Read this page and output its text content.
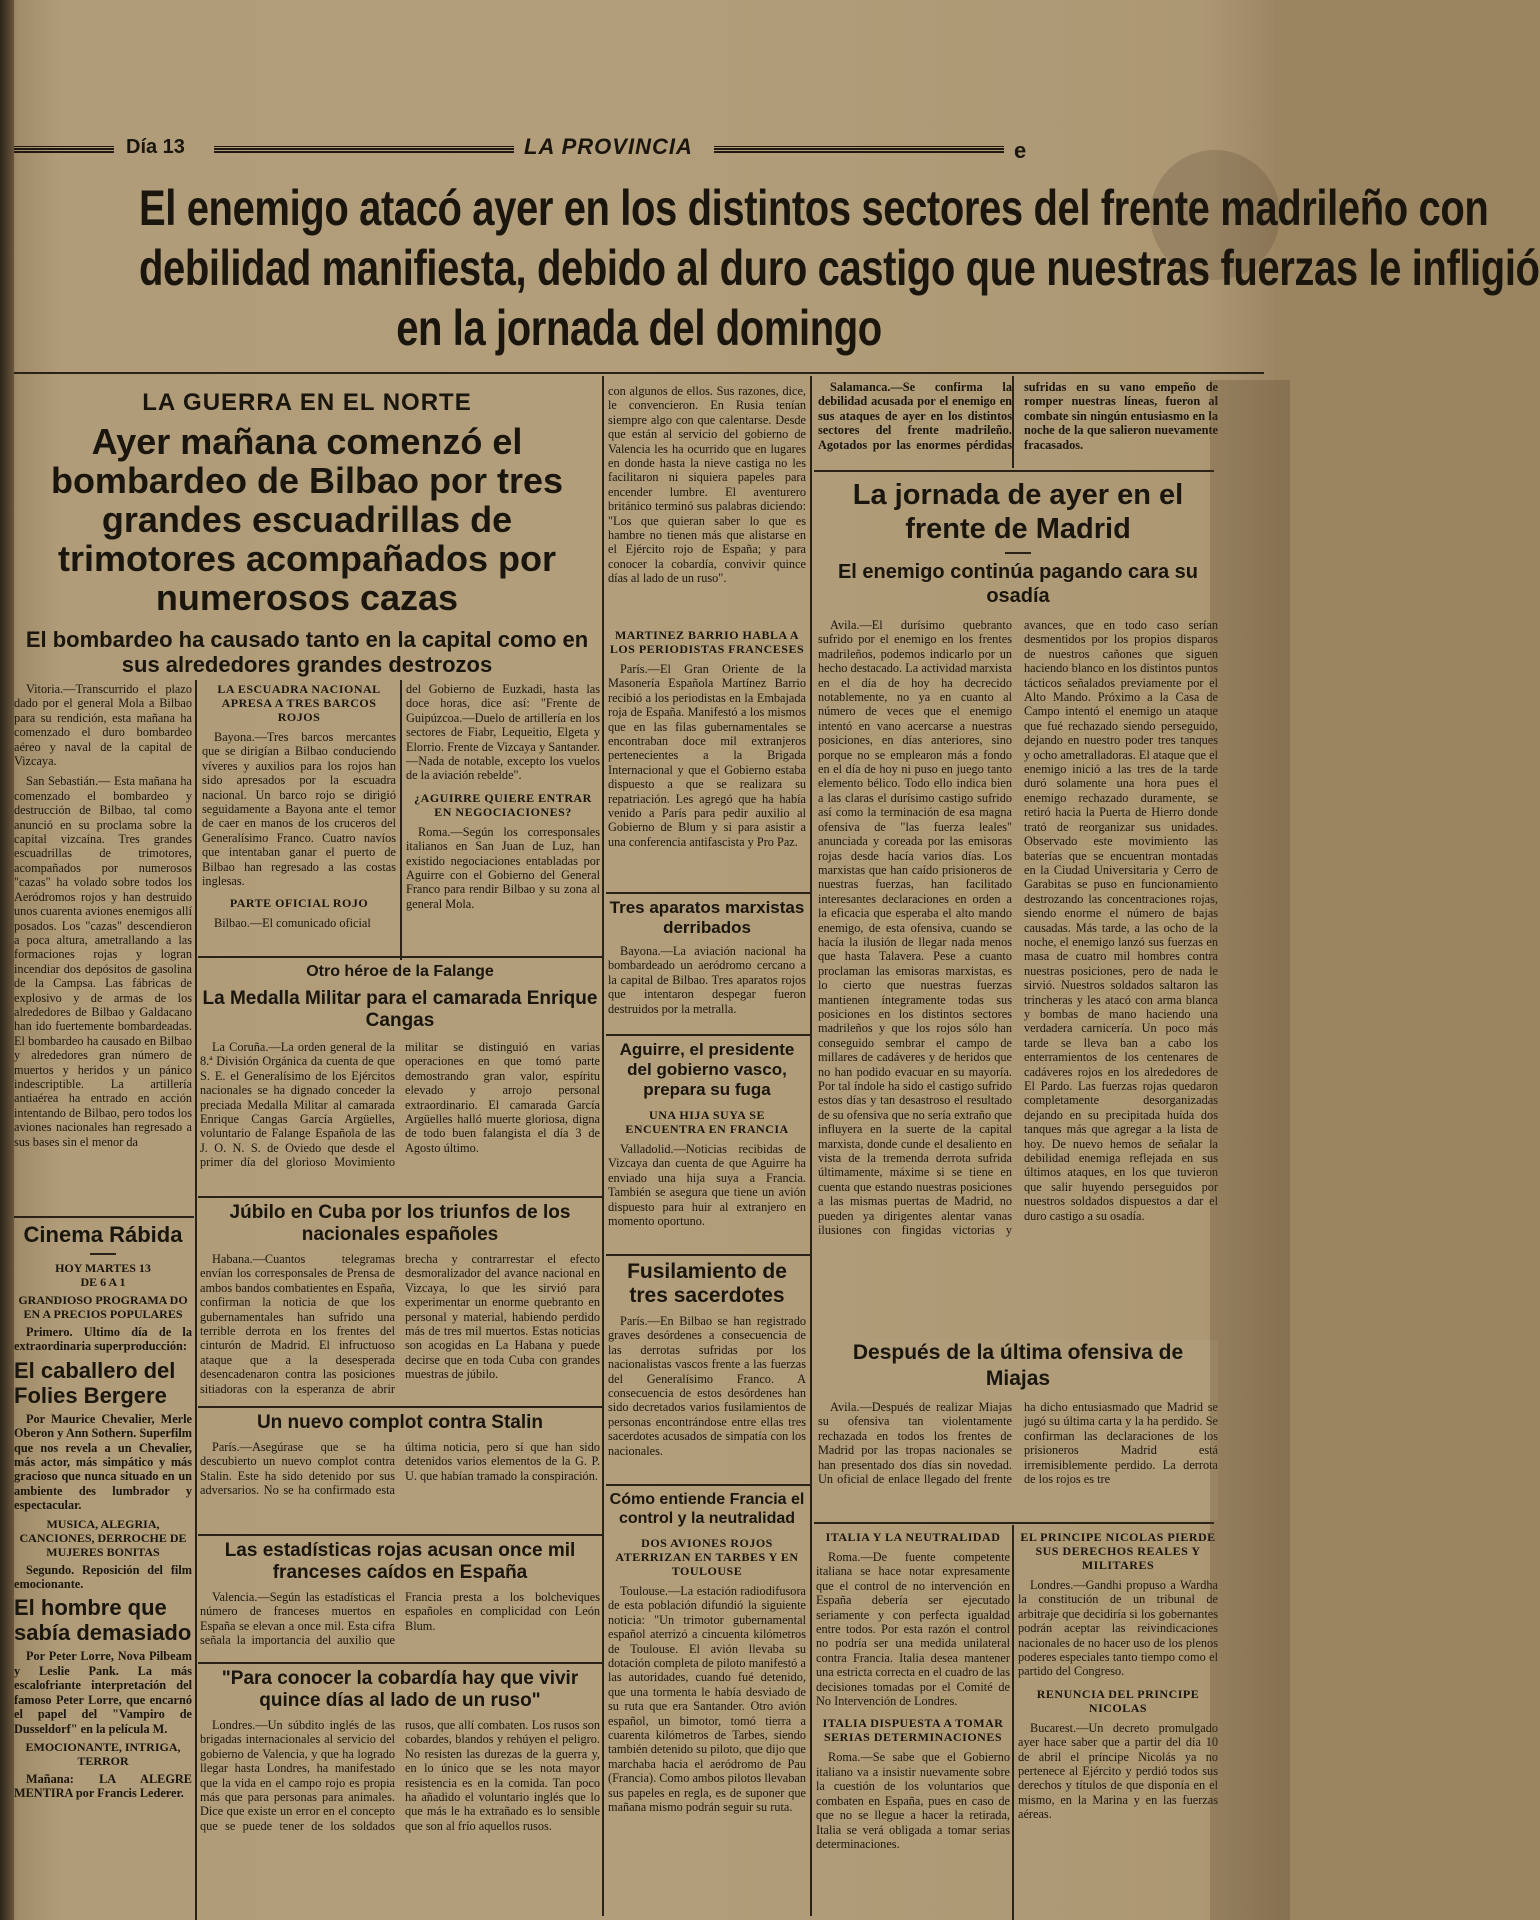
Día 13	LA PROVINCIA	e
El enemigo atacó ayer en los distintos sectores del frente madrileño con
debilidad manifiesta, debido al duro castigo que nuestras fuerzas le infligió
en la jornada del domingo

LA GUERRA EN EL NORTE

Ayer mañana comenzó el bombardeo de Bilbao por tres grandes escuadrillas de trimotores acompañados por numerosos cazas

El bombardeo ha causado tanto en la capital como en sus alrededores grandes destrozos

Vitoria.—Transcurrido el plazo dado por el general Mola a Bilbao para su rendición, esta mañana ha comenzado el duro bombardeo aéreo y naval de la capital de Vizcaya.

San Sebastián.— Esta mañana ha comenzado el bombardeo y destrucción de Bilbao, tal como anunció en su proclama sobre la capital vizcaína. Tres grandes escuadrillas de trimotores, acompañados por numerosos "cazas" ha volado sobre todos los Aeródromos rojos y han destruido unos cuarenta aviones enemigos allí posados. Los "cazas" descendieron a poca altura, ametrallando a las formaciones rojas y logran incendiar dos depósitos de gasolina de la Campsa. Las fábricas de explosivo y de armas de los alrededores de Bilbao y Galdacano han ido fuertemente bombardeadas. El bombardeo ha causado en Bilbao y alrededores gran número de muertos y heridos y un pánico indescriptible. La artillería antiaérea ha entrado en acción intentando de Bilbao, pero todos los aviones nacionales han regresado a sus bases sin el menor da

Cinema Rábida

HOY MARTES 13

DE 6 A 1

GRANDIOSO PROGRAMA DO EN A PRECIOS POPULARES

Primero. Ultimo día de la extraordinaria superproducción:

El caballero del Folies Bergere

Por Maurice Chevalier, Merle Oberon y Ann Sothern. Superfilm que nos revela a un Chevalier, más actor, más simpático y más gracioso que nunca situado en un ambiente des lumbrador y espectacular.

MUSICA, ALEGRIA, CANCIONES, DERROCHE DE MUJERES BONITAS

Segundo. Reposición del film emocionante.

El hombre que sabía demasiado

Por Peter Lorre, Nova Pilbeam y Leslie Pank. La más escalofriante interpretación del famoso Peter Lorre, que encarnó el papel del "Vampiro de Dusseldorf" en la película M.

EMOCIONANTE, INTRIGA, TERROR

Mañana: LA ALEGRE MENTIRA por Francis Lederer.

LA ESCUADRA NACIONAL APRESA A TRES BARCOS ROJOS

Bayona.—Tres barcos mercantes que se dirigían a Bilbao conduciendo víveres y auxilios para los rojos han sido apresados por la escuadra nacional. Un barco rojo se dirigió seguidamente a Bayona ante el temor de caer en manos de los cruceros del Generalísimo Franco. Cuatro navíos que intentaban ganar el puerto de Bilbao han regresado a las costas inglesas.

PARTE OFICIAL ROJO

Bilbao.—El comunicado oficial

del Gobierno de Euzkadi, hasta las doce horas, dice así: "Frente de Guipúzcoa.—Duelo de artillería en los sectores de Fiabr, Lequeitio, Elgeta y Elorrio. Frente de Vizcaya y Santander.—Nada de notable, excepto los vuelos de la aviación rebelde".

¿AGUIRRE QUIERE ENTRAR EN NEGOCIACIONES?

Roma.—Según los corresponsales italianos en San Juan de Luz, han existido negociaciones entabladas por Aguirre con el Gobierno del General Franco para rendir Bilbao y su zona al general Mola.

Otro héroe de la Falange

La Medalla Militar para el camarada Enrique Cangas

La Coruña.—La orden general de la 8.ª División Orgánica da cuenta de que S. E. el Generalísimo de los Ejércitos nacionales se ha dignado conceder la preciada Medalla Militar al camarada Enrique Cangas García Argüelles, voluntario de Falange Española de las J. O. N. S. de Oviedo que desde el primer día del glorioso Movimiento militar se distinguió en varias operaciones en que tomó parte demostrando gran valor, espíritu elevado y arrojo personal extraordinario. El camarada García Argüelles halló muerte gloriosa, digna de todo buen falangista el día 3 de Agosto último.

Júbilo en Cuba por los triunfos de los nacionales españoles

Habana.—Cuantos telegramas envían los corresponsales de Prensa de ambos bandos combatientes en España, confirman la noticia de que los gubernamentales han sufrido una terrible derrota en los frentes del cinturón de Madrid. El infructuoso ataque que a la desesperada desencadenaron contra las posiciones sitiadoras con la esperanza de abrir brecha y contrarrestar el efecto desmoralizador del avance nacional en Vizcaya, lo que les sirvió para experimentar un enorme quebranto en personal y material, habiendo perdido más de tres mil muertos. Estas noticias son acogidas en La Habana y puede decirse que en toda Cuba con grandes muestras de júbilo.

Un nuevo complot contra Stalin

París.—Asegúrase que se ha descubierto un nuevo complot contra Stalin. Este ha sido detenido por sus adversarios. No se ha confirmado esta última noticia, pero sí que han sido detenidos varios elementos de la G. P. U. que habían tramado la conspiración.

Las estadísticas rojas acusan once mil franceses caídos en España

Valencia.—Según las estadísticas el número de franceses muertos en España se elevan a once mil. Esta cifra señala la importancia del auxilio que Francia presta a los bolcheviques españoles en complicidad con León Blum.

"Para conocer la cobardía hay que vivir quince días al lado de un ruso"

Londres.—Un súbdito inglés de las brigadas internacionales al servicio del gobierno de Valencia, y que ha logrado llegar hasta Londres, ha manifestado que la vida en el campo rojo es propia más que para personas para animales. Dice que existe un error en el concepto que se puede tener de los soldados rusos, que allí combaten. Los rusos son cobardes, blandos y rehúyen el peligro. No resisten las durezas de la guerra y, en lo único que se les nota mayor resistencia es en la comida. Tan poco ha añadido el voluntario inglés que lo que más le ha extrañado es lo sensible que son al frío aquellos rusos.

con algunos de ellos. Sus razones, dice, le convencieron. En Rusia tenían siempre algo con que calentarse. Desde que están al servicio del gobierno de Valencia les ha ocurrido que en lugares en donde hasta la nieve castiga no les facilitaron ni siquiera papeles para encender lumbre. El aventurero británico terminó sus palabras diciendo: "Los que quieran saber lo que es hambre no tienen más que alistarse en el Ejército rojo de España; y para conocer la cobardía, convivir quince días al lado de un ruso".

MARTINEZ BARRIO HABLA A LOS PERIODISTAS FRANCESES

París.—El Gran Oriente de la Masonería Española Martínez Barrio recibió a los periodistas en la Embajada roja de España. Manifestó a los mismos que en las filas gubernamentales se encontraban doce mil extranjeros pertenecientes a la Brigada Internacional y que el Gobierno estaba dispuesto a que se realizara su repatriación. Les agregó que ha había venido a París para pedir auxilio al Gobierno de Blum y si para asistir a una conferencia antifascista y Pro Paz.

Tres aparatos marxistas derribados

Bayona.—La aviación nacional ha bombardeado un aeródromo cercano a la capital de Bilbao. Tres aparatos rojos que intentaron despegar fueron destruidos por la metralla.

Aguirre, el presidente del gobierno vasco, prepara su fuga

UNA HIJA SUYA SE ENCUENTRA EN FRANCIA

Valladolid.—Noticias recibidas de Vizcaya dan cuenta de que Aguirre ha enviado una hija suya a Francia. También se asegura que tiene un avión dispuesto para huir al extranjero en momento oportuno.

Fusilamiento de tres sacerdotes

París.—En Bilbao se han registrado graves desórdenes a consecuencia de las derrotas sufridas por los nacionalistas vascos frente a las fuerzas del Generalísimo Franco. A consecuencia de estos desórdenes han sido decretados varios fusilamientos de personas encontrándose entre ellas tres sacerdotes acusados de simpatía con los nacionales.

Cómo entiende Francia el control y la neutralidad

DOS AVIONES ROJOS ATERRIZAN EN TARBES Y EN TOULOUSE

Toulouse.—La estación radiodifusora de esta población difundió la siguiente noticia: "Un trimotor gubernamental español aterrizó a cincuenta kilómetros de Toulouse. El avión llevaba su dotación completa de piloto manifestó a las autoridades, cuando fué detenido, que una tormenta le había desviado de su ruta que era Santander. Otro avión español, un bimotor, tomó tierra a cuarenta kilómetros de Tarbes, siendo también detenido su piloto, que dijo que marchaba hacia el aeródromo de Pau (Francia). Como ambos pilotos llevaban sus papeles en regla, es de suponer que mañana mismo podrán seguir su ruta.

Salamanca.—Se confirma la debilidad acusada por el enemigo en sus ataques de ayer en los distintos sectores del frente madrileño. Agotados por las enormes pérdidas sufridas en su vano empeño de romper nuestras líneas, fueron al combate sin ningún entusiasmo en la noche de la que salieron nuevamente fracasados.

La jornada de ayer en el frente de Madrid

El enemigo continúa pagando cara su osadía

Avila.—El durísimo quebranto sufrido por el enemigo en los frentes madrileños, podemos indicarlo por un hecho destacado. La actividad marxista en el día de hoy ha decrecido notablemente, no ya en cuanto al número de veces que el enemigo intentó en vano acercarse a nuestras posiciones, en días anteriores, sino porque no se emplearon más a fondo en el día de hoy ni puso en juego tanto elemento bélico. Todo ello indica bien a las claras el durísimo castigo sufrido así como la terminación de esa magna ofensiva de "las fuerza leales" anunciada y coreada por las emisoras rojas desde hacía varios días. Los marxistas que han caído prisioneros de nuestras fuerzas, han facilitado interesantes declaraciones en orden a la eficacia que esperaba el alto mando enemigo, de esta ofensiva, cuando se hacía la ilusión de llegar nada menos que hasta Talavera. Pese a cuanto proclaman las emisoras marxistas, es lo cierto que nuestras fuerzas mantienen íntegramente todas sus posiciones en los distintos sectores madrileños y que los rojos sólo han conseguido sembrar el campo de millares de cadáveres y de heridos que no han podido evacuar en su mayoría. Por tal índole ha sido el castigo sufrido estos días y tan desastroso el resultado de su ofensiva que no sería extraño que influyera en la suerte de la capital marxista, donde cunde el desaliento en vista de la tremenda derrota sufrida últimamente, máxime si se tiene en cuenta que estando nuestras posiciones a las mismas puertas de Madrid, no pueden ya dirigentes alentar vanas ilusiones con fingidas victorias y avances, que en todo caso serían desmentidos por los propios disparos de nuestros cañones que siguen haciendo blanco en los distintos puntos tácticos señalados previamente por el Alto Mando. Próximo a la Casa de Campo intentó el enemigo un ataque que fué rechazado siendo perseguido, dejando en nuestro poder tres tanques y ocho ametralladoras. El ataque que el enemigo inició a las tres de la tarde duró solamente una hora pues el enemigo rechazado duramente, se retiró hacia la Puerta de Hierro donde trató de reorganizar sus unidades. Observado este movimiento las baterías que se encuentran montadas en la Ciudad Universitaria y Cerro de Garabitas se puso en funcionamiento destrozando las concentraciones rojas, siendo enorme el número de bajas causadas. Más tarde, a las ocho de la noche, el enemigo lanzó sus fuerzas en masa de cuatro mil hombres contra nuestras posiciones, pero de nada le sirvió. Nuestros soldados saltaron las trincheras y les atacó con arma blanca y bombas de mano haciendo una verdadera carnicería. Un poco más tarde se lleva ban a cabo los enterramientos de los centenares de cadáveres rojos en los alrededores de El Pardo. Las fuerzas rojas quedaron completamente desorganizadas dejando en su precipitada huída dos tanques más que agregar a la lista de hoy. De nuevo hemos de señalar la debilidad enemiga reflejada en sus últimos ataques, en los que tuvieron que salir huyendo perseguidos por nuestros soldados dispuestos a dar el duro castigo a su osadía.

Después de la última ofensiva de Miajas

Avila.—Después de realizar Miajas su ofensiva tan violentamente rechazada en todos los frentes de Madrid por las tropas nacionales se han presentado dos días sin novedad. Un oficial de enlace llegado del frente ha dicho entusiasmado que Madrid se jugó su última carta y la ha perdido. Se confirman las declaraciones de los prisioneros Madrid está irremisiblemente perdido. La derrota de los rojos es tre

ITALIA Y LA NEUTRALIDAD

Roma.—De fuente competente italiana se hace notar expresamente que el control de no intervención en España debería ser ejecutado seriamente y con perfecta igualdad entre todos. Por esta razón el control no podría ser una medida unilateral contra Francia. Italia desea mantener una estricta correcta en el cuadro de las decisiones tomadas por el Comité de No Intervención de Londres.

ITALIA DISPUESTA A TOMAR SERIAS DETERMINACIONES

Roma.—Se sabe que el Gobierno italiano va a insistir nuevamente sobre la cuestión de los voluntarios que combaten en España, pues en caso de que no se llegue a hacer la retirada, Italia se verá obligada a tomar serias determinaciones.

EL PRINCIPE NICOLAS PIERDE SUS DERECHOS REALES Y MILITARES

Londres.—Gandhi propuso a Wardha la constitución de un tribunal de arbitraje que decidiría si los gobernantes podrán aceptar las reivindicaciones nacionales de no hacer uso de los plenos poderes especiales tanto tiempo como el partido del Congreso.

RENUNCIA DEL PRINCIPE NICOLAS

Bucarest.—Un decreto promulgado ayer hace saber que a partir del día 10 de abril el príncipe Nicolás ya no pertenece al Ejército y perdió todos sus derechos y títulos de que disponía en el mismo, en la Marina y en las fuerzas aéreas.
